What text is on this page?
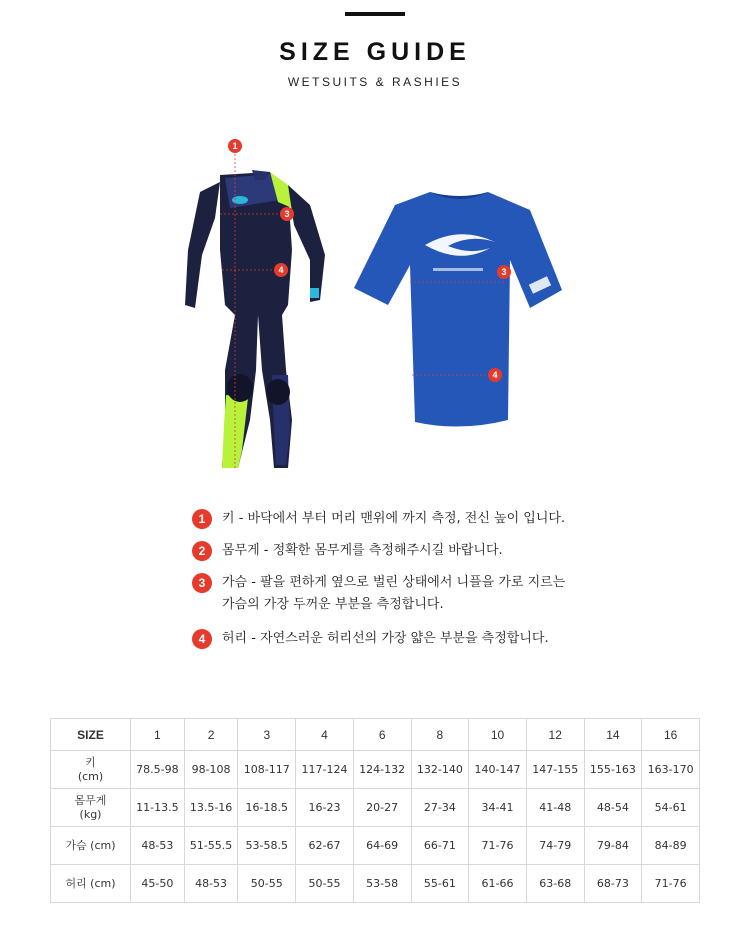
SIZE GUIDE
WETSUITS & RASHIES
1
3
4	3
4
1	키 - 바닥에서 부터 머리 맨위에 까지 측정, 전신 높이 입니다.
2	몸무게 - 정확한 몸무게를 측정해주시길 바랍니다.
3	가슴 - 팔을 편하게 옆으로 벌린 상태에서 니플을 가로 지르는
가슴의 가장 두꺼운 부분을 측정합니다.
4	허리 - 자연스러운 허리선의 가장 얇은 부분을 측정합니다.
SIZE	1	2	3	4	6	8	10	12	14	16

키
(cm)	78.5-98	98-108	108-117	117-124	124-132	132-140	140-147	147-155	155-163	163-170

몸무게
(kg)	11-13.5	13.5-16	16-18.5	16-23	20-27	27-34	34-41	41-48	48-54	54-61

가슴 (cm)	48-53	51-55.5	53-58.5	62-67	64-69	66-71	71-76	74-79	79-84	84-89

허리 (cm)	45-50	48-53	50-55	50-55	53-58	55-61	61-66	63-68	68-73	71-76
